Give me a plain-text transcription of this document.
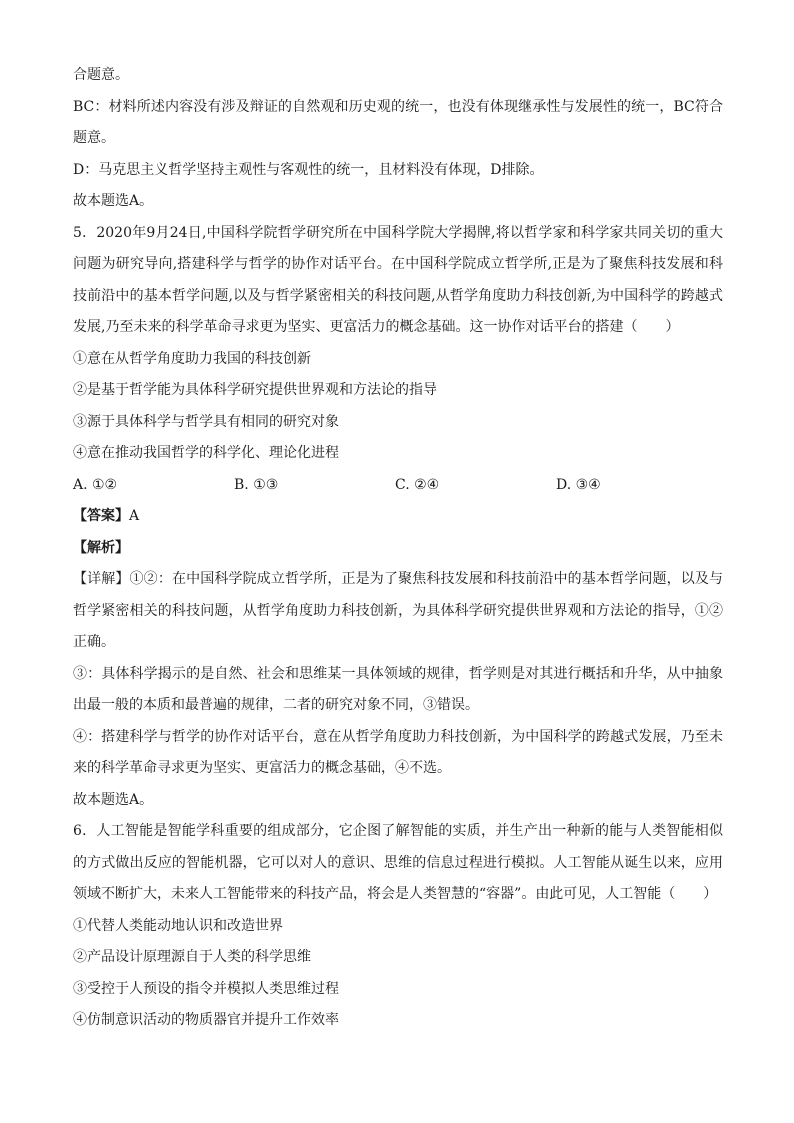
合题意。

BC：材料所述内容没有涉及辩证的自然观和历史观的统一，也没有体现继承性与发展性的统一，BC符合题意。

D：马克思主义哲学坚持主观性与客观性的统一，且材料没有体现，D排除。

故本题选A。

5．2020年9月24日,中国科学院哲学研究所在中国科学院大学揭牌,将以哲学家和科学家共同关切的重大问题为研究导向,搭建科学与哲学的协作对话平台。在中国科学院成立哲学所,正是为了聚焦科技发展和科技前沿中的基本哲学问题,以及与哲学紧密相关的科技问题,从哲学角度助力科技创新,为中国科学的跨越式发展,乃至未来的科学革命寻求更为坚实、更富活力的概念基础。这一协作对话平台的搭建（　　）

①意在从哲学角度助力我国的科技创新

②是基于哲学能为具体科学研究提供世界观和方法论的指导

③源于具体科学与哲学具有相同的研究对象

④意在推动我国哲学的科学化、理论化进程

A. ①②	B. ①③	C. ②④	D. ③④

【答案】A

【解析】

【详解】①②：在中国科学院成立哲学所，正是为了聚焦科技发展和科技前沿中的基本哲学问题，以及与哲学紧密相关的科技问题，从哲学角度助力科技创新，为具体科学研究提供世界观和方法论的指导，①②正确。

③：具体科学揭示的是自然、社会和思维某一具体领域的规律，哲学则是对其进行概括和升华，从中抽象出最一般的本质和最普遍的规律，二者的研究对象不同，③错误。

④：搭建科学与哲学的协作对话平台，意在从哲学角度助力科技创新，为中国科学的跨越式发展，乃至未来的科学革命寻求更为坚实、更富活力的概念基础，④不选。

故本题选A。

6．人工智能是智能学科重要的组成部分，它企图了解智能的实质，并生产出一种新的能与人类智能相似的方式做出反应的智能机器，它可以对人的意识、思维的信息过程进行模拟。人工智能从诞生以来，应用领域不断扩大，未来人工智能带来的科技产品，将会是人类智慧的“容器”。由此可见，人工智能（　　）

①代替人类能动地认识和改造世界

②产品设计原理源自于人类的科学思维

③受控于人预设的指令并模拟人类思维过程

④仿制意识活动的物质器官并提升工作效率
